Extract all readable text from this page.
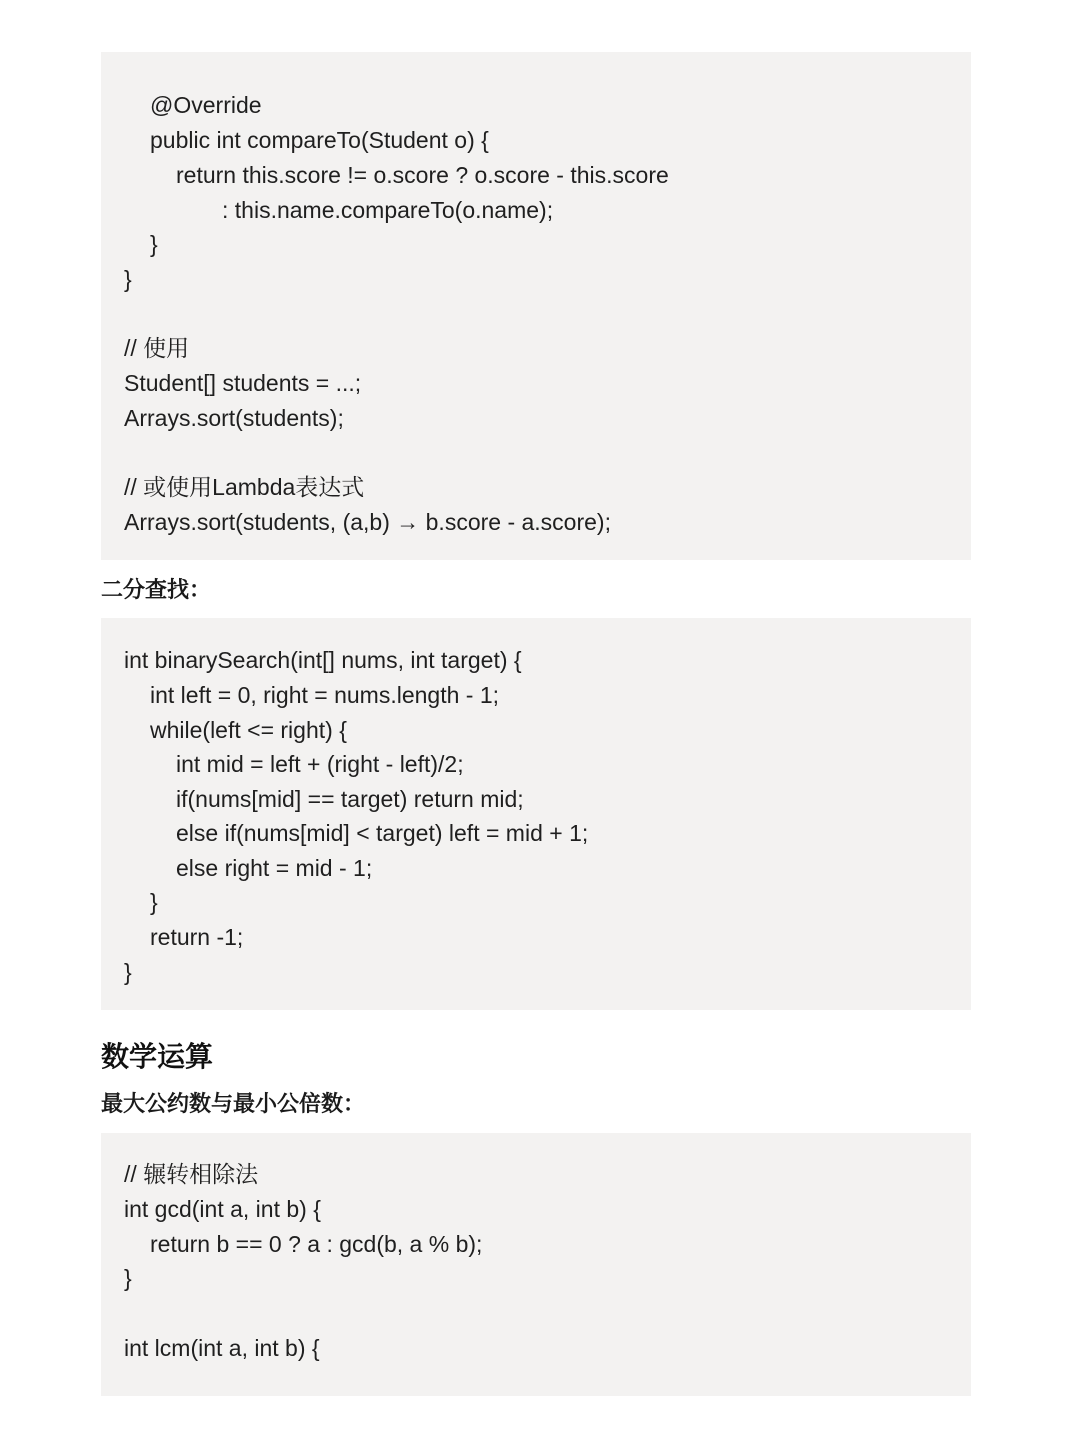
@Override
public int compareTo(Student o) {
return this.score != o.score ? o.score - this.score
: this.name.compareTo(o.name);
}
}
// 使用
Student[] students = ...;
Arrays.sort(students);
// 或使用Lambda表达式
Arrays.sort(students, (a,b) → b.score - a.score);
二分查找：
int binarySearch(int[] nums, int target) {
int left = 0, right = nums.length - 1;
while(left <= right) {
int mid = left + (right - left)/2;
if(nums[mid] == target) return mid;
else if(nums[mid] < target) left = mid + 1;
else right = mid - 1;
}
return -1;
}
数学运算
最大公约数与最小公倍数：
// 辗转相除法
int gcd(int a, int b) {
return b == 0 ? a : gcd(b, a % b);
}
int lcm(int a, int b) {
